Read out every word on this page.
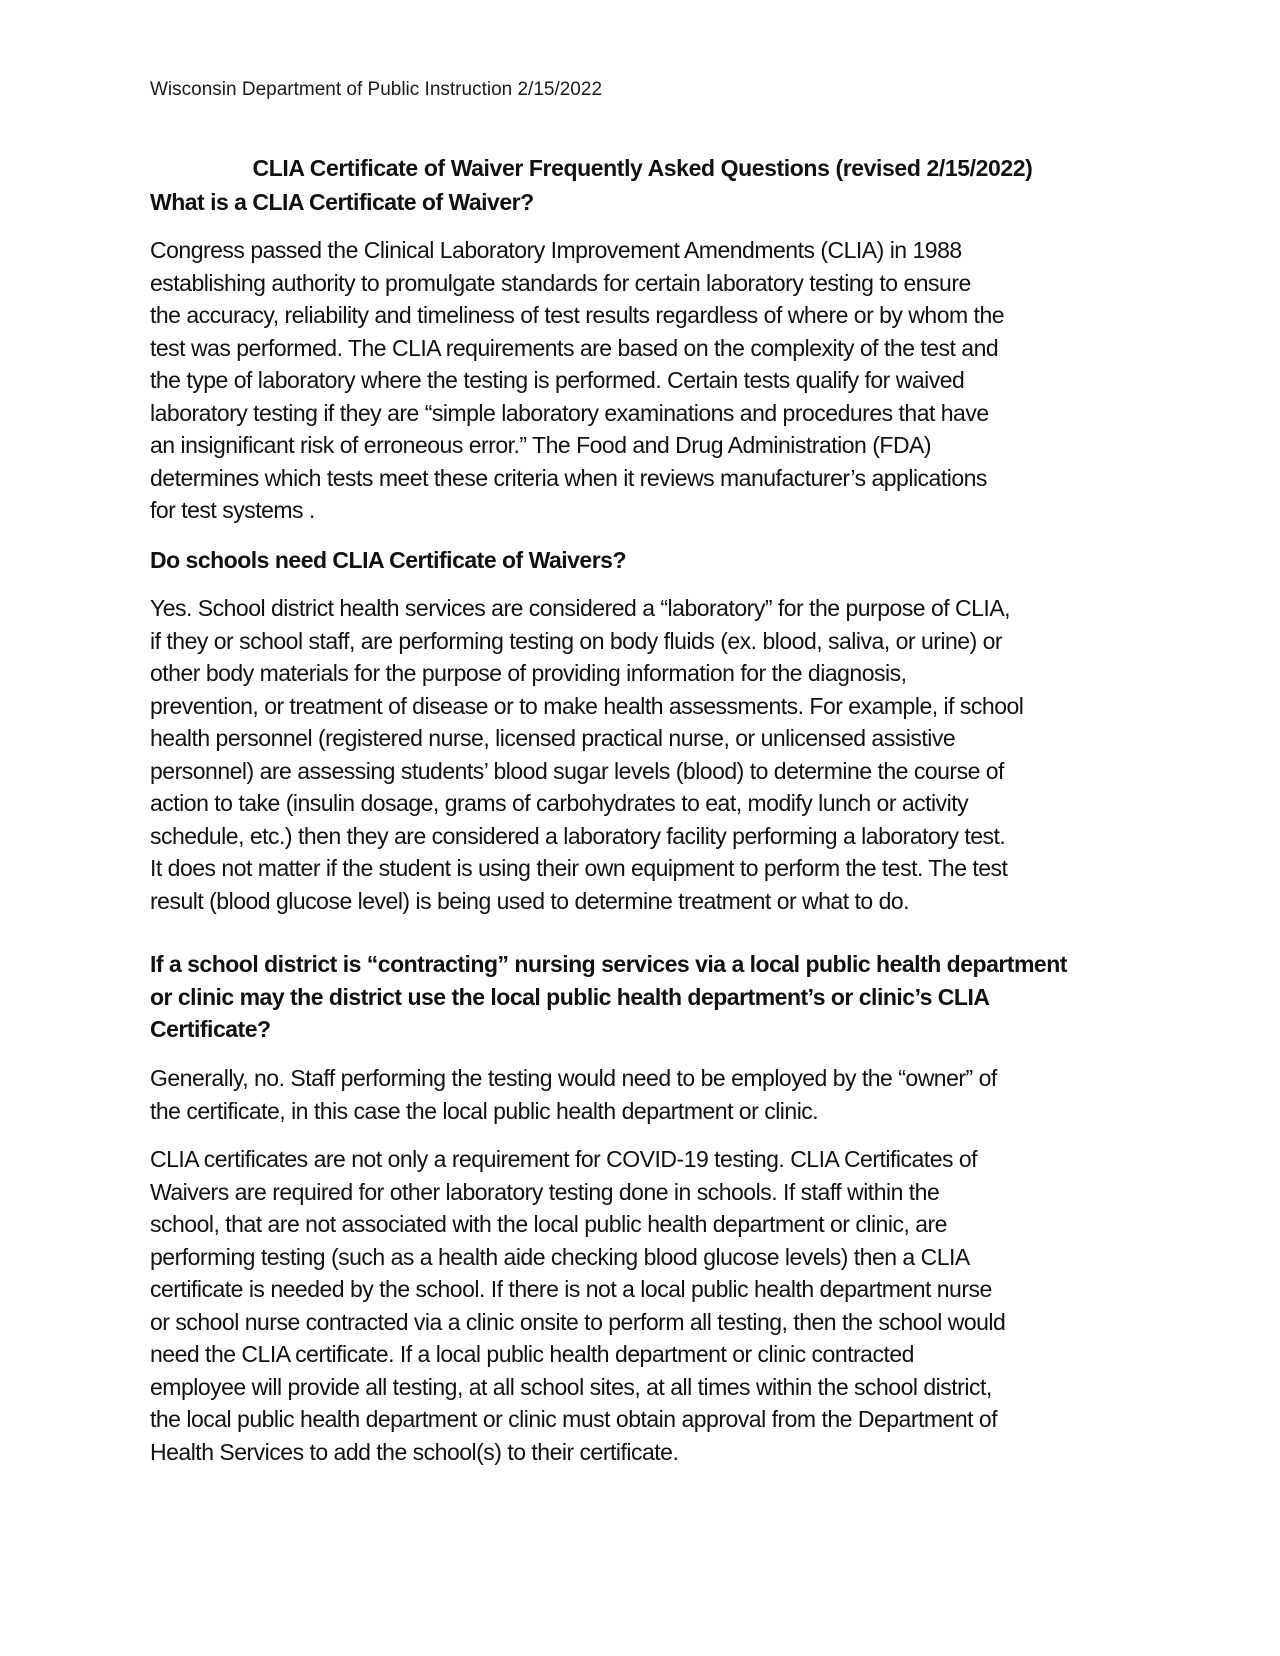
Wisconsin Department of Public Instruction 2/15/2022
CLIA Certificate of Waiver Frequently Asked Questions (revised 2/15/2022)
What is a CLIA Certificate of Waiver?
Congress passed the Clinical Laboratory Improvement Amendments (CLIA) in 1988
establishing authority to promulgate standards for certain laboratory testing to ensure
the accuracy, reliability and timeliness of test results regardless of where or by whom the
test was performed. The CLIA requirements are based on the complexity of the test and
the type of laboratory where the testing is performed. Certain tests qualify for waived
laboratory testing if they are “simple laboratory examinations and procedures that have
an insignificant risk of erroneous error.” The Food and Drug Administration (FDA)
determines which tests meet these criteria when it reviews manufacturer’s applications
for test systems .
Do schools need CLIA Certificate of Waivers?
Yes. School district health services are considered a “laboratory” for the purpose of CLIA,
if they or school staff, are performing testing on body fluids (ex. blood, saliva, or urine) or
other body materials for the purpose of providing information for the diagnosis,
prevention, or treatment of disease or to make health assessments. For example, if school
health personnel (registered nurse, licensed practical nurse, or unlicensed assistive
personnel) are assessing students’ blood sugar levels (blood) to determine the course of
action to take (insulin dosage, grams of carbohydrates to eat, modify lunch or activity
schedule, etc.) then they are considered a laboratory facility performing a laboratory test.
It does not matter if the student is using their own equipment to perform the test. The test
result (blood glucose level) is being used to determine treatment or what to do.
If a school district is “contracting” nursing services via a local public health department
or clinic may the district use the local public health department’s or clinic’s CLIA
Certificate?
Generally, no. Staff performing the testing would need to be employed by the “owner” of
the certificate, in this case the local public health department or clinic.
CLIA certificates are not only a requirement for COVID-19 testing. CLIA Certificates of
Waivers are required for other laboratory testing done in schools. If staff within the
school, that are not associated with the local public health department or clinic, are
performing testing (such as a health aide checking blood glucose levels) then a CLIA
certificate is needed by the school. If there is not a local public health department nurse
or school nurse contracted via a clinic onsite to perform all testing, then the school would
need the CLIA certificate. If a local public health department or clinic contracted
employee will provide all testing, at all school sites, at all times within the school district,
the local public health department or clinic must obtain approval from the Department of
Health Services to add the school(s) to their certificate.
